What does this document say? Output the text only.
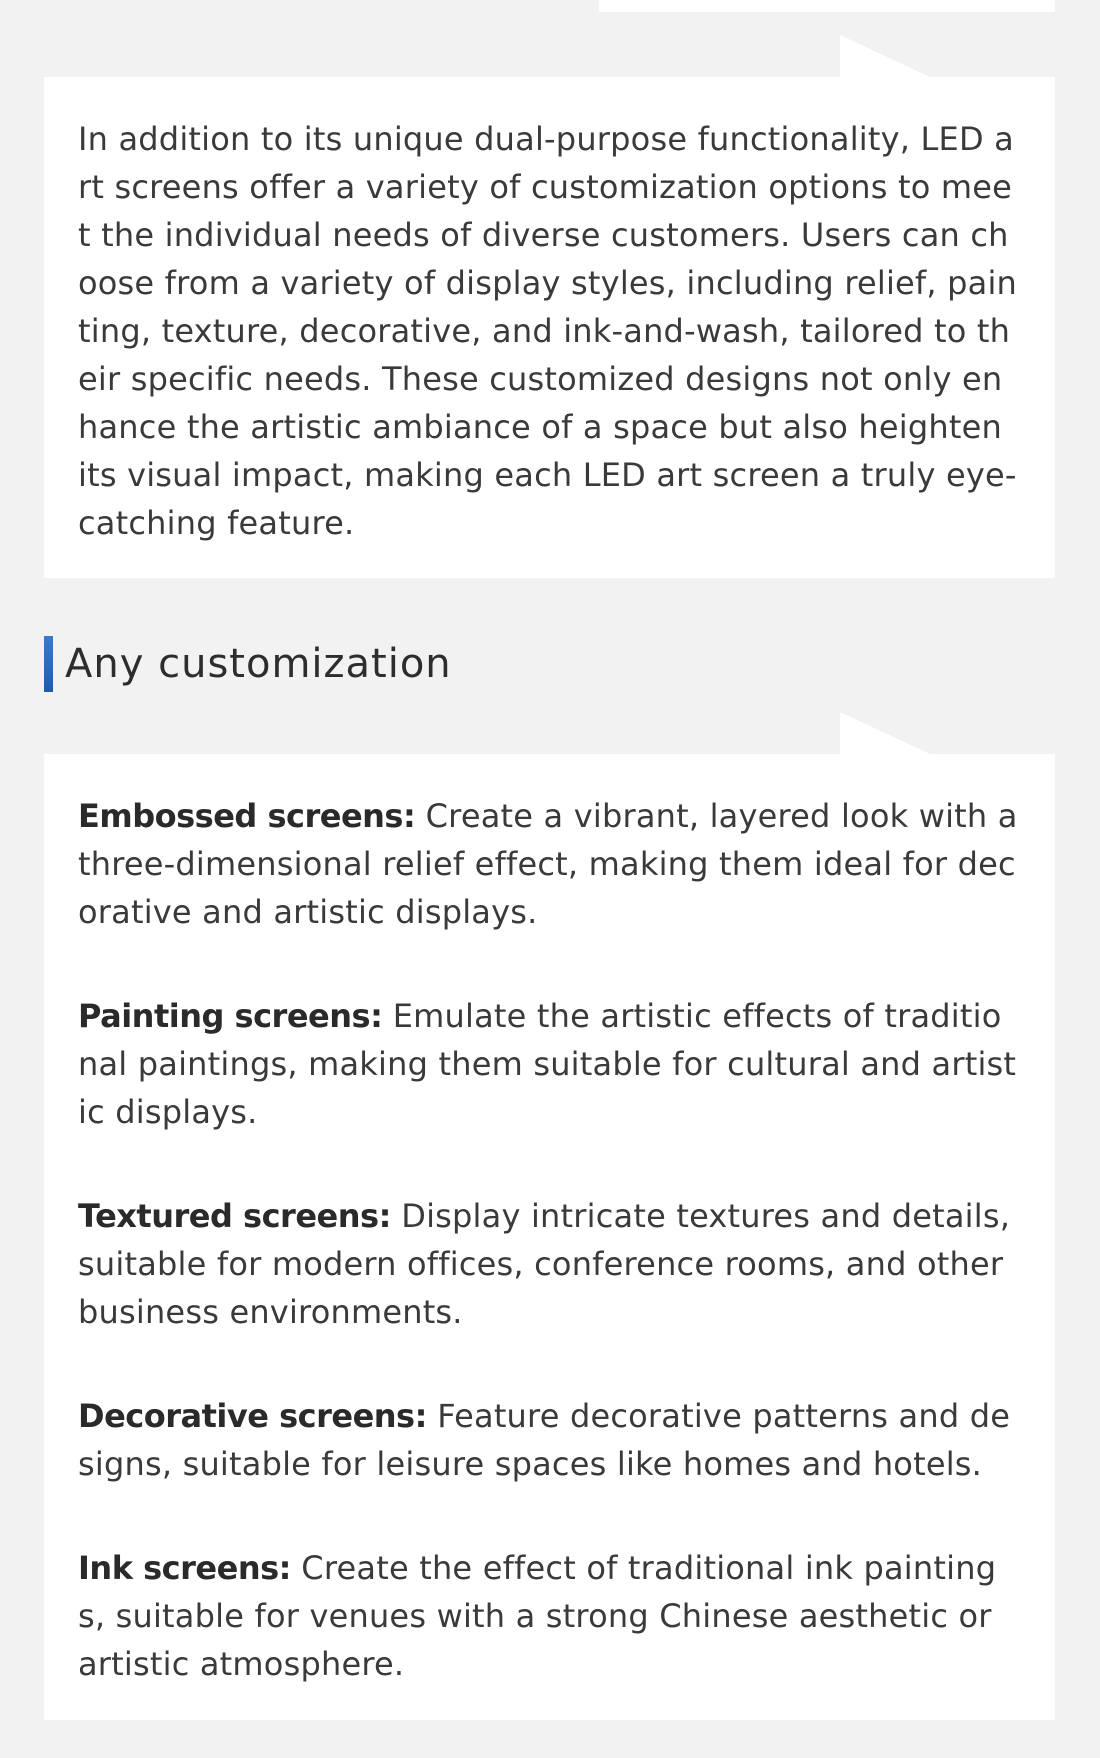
In addition to its unique dual-purpose functionality, LED art screens offer a variety of customization options to meet the individual needs of diverse customers. Users can choose from a variety of display styles, including relief, painting, texture, decorative, and ink-and-wash, tailored to their specific needs. These customized designs not only enhance the artistic ambiance of a space but also heighten its visual impact, making each LED art screen a truly eye-catching feature.

Any customization

Embossed screens: Create a vibrant, layered look with a three-dimensional relief effect, making them ideal for decorative and artistic displays.

Painting screens: Emulate the artistic effects of traditional paintings, making them suitable for cultural and artistic displays.

Textured screens: Display intricate textures and details, suitable for modern offices, conference rooms, and other business environments.

Decorative screens: Feature decorative patterns and designs, suitable for leisure spaces like homes and hotels.

Ink screens: Create the effect of traditional ink paintings, suitable for venues with a strong Chinese aesthetic or artistic atmosphere.
